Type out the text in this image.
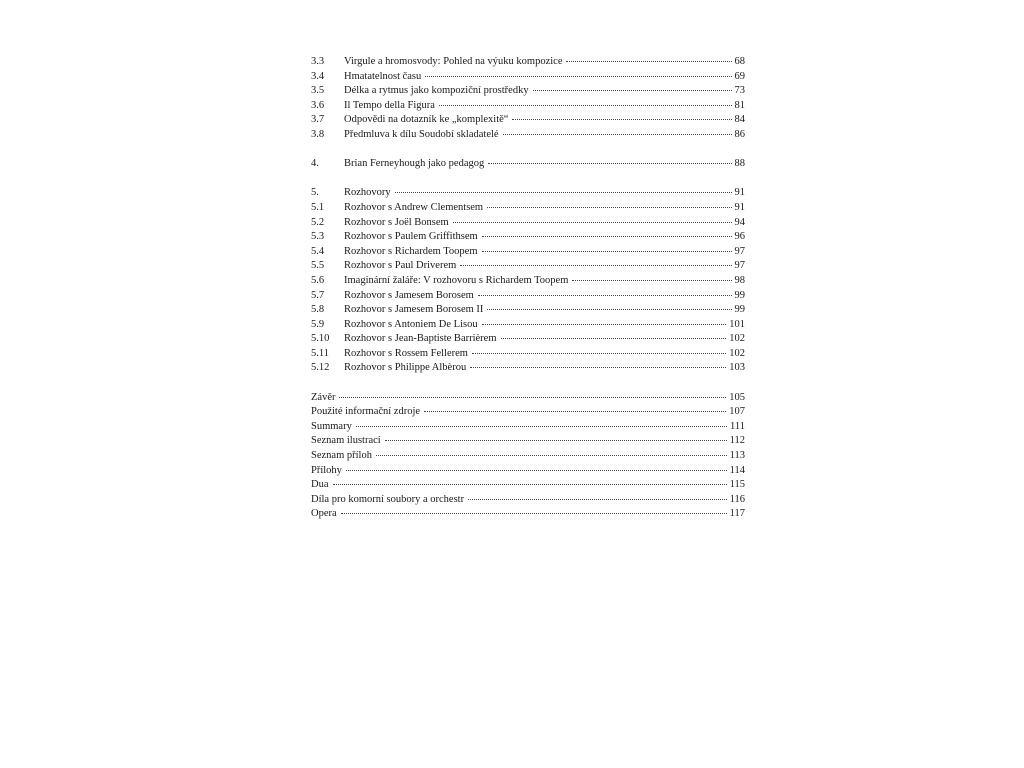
3.3	Virgule a hromosvody: Pohled na výuku kompozice	68
3.4	Hmatatelnost času	69
3.5	Délka a rytmus jako kompoziční prostředky	73
3.6	Il Tempo della Figura	81
3.7	Odpovědi na dotazník ke „komplexitě“	84
3.8	Předmluva k dílu Soudobí skladatelé	86
4.	Brian Ferneyhough jako pedagog	88
5.	Rozhovory	91
5.1	Rozhovor s Andrew Clementsem	91
5.2	Rozhovor s Joël Bonsem	94
5.3	Rozhovor s Paulem Griffithsem	96
5.4	Rozhovor s Richardem Toopem	97
5.5	Rozhovor s Paul Driverem	97
5.6	Imaginární žaláře: V rozhovoru s Richardem Toopem	98
5.7	Rozhovor s Jamesem Borosem	99
5.8	Rozhovor s Jamesem Borosem II	99
5.9	Rozhovor s Antoniem De Lisou	101
5.10	Rozhovor s Jean-Baptiste Barrièrem	102
5.11	Rozhovor s Rossem Fellerem	102
5.12	Rozhovor s Philippe Albèrou	103
Závěr	105
Použité informační zdroje	107
Summary	111
Seznam ilustrací	112
Seznam příloh	113
Přílohy	114
Dua	115
Díla pro komorní soubory a orchestr	116
Opera	117
